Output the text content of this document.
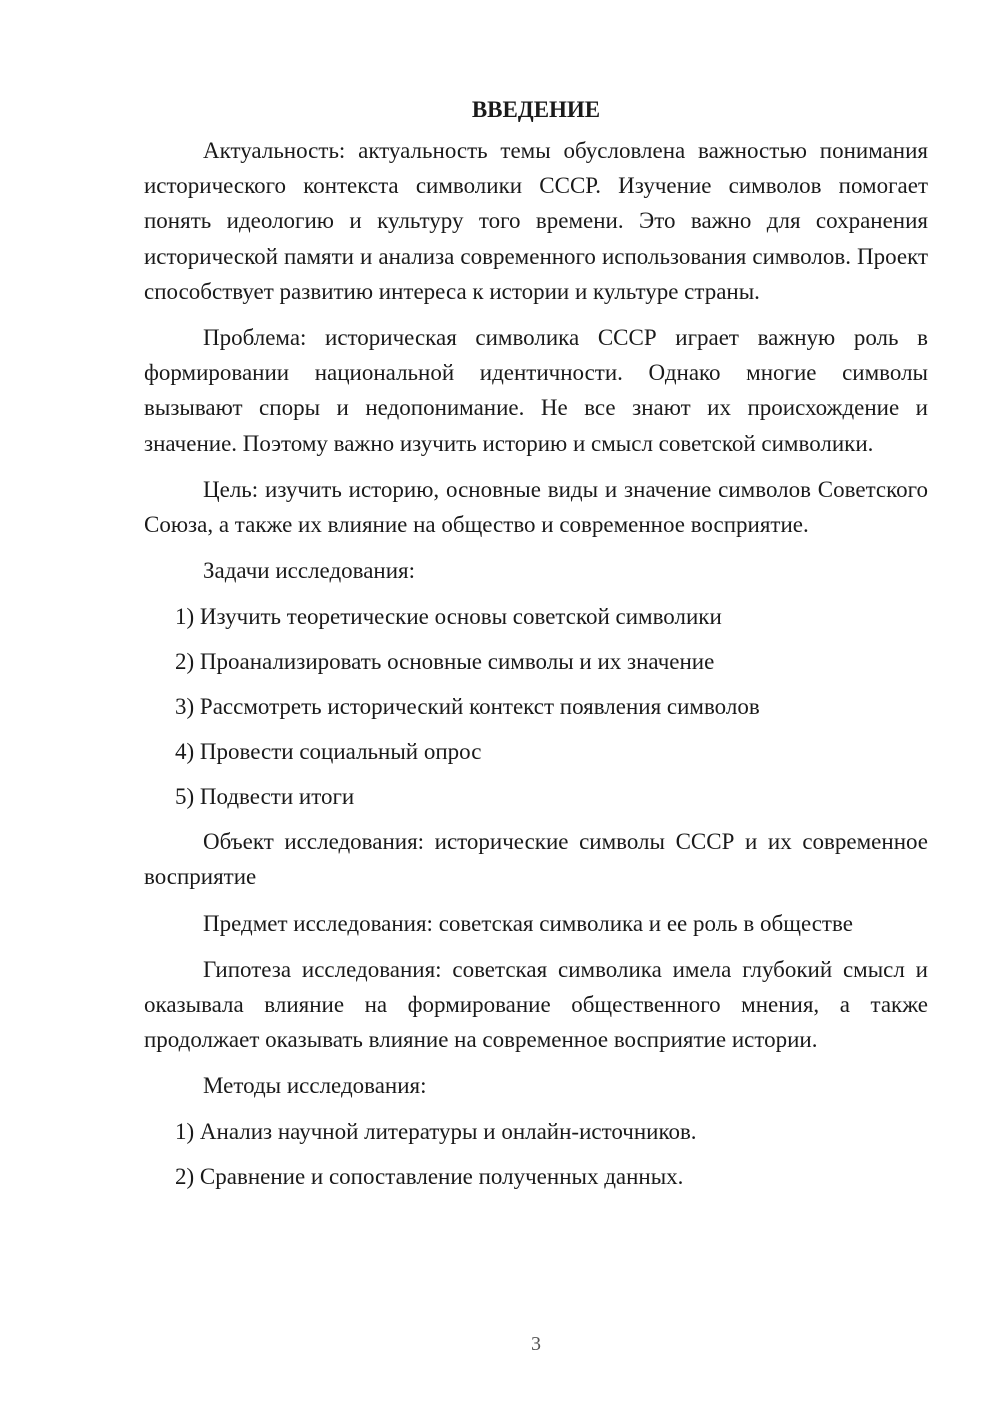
ВВЕДЕНИЕ

Актуальность: актуальность темы обусловлена важностью понимания исторического контекста символики СССР. Изучение символов помогает понять идеологию и культуру того времени. Это важно для сохранения исторической памяти и анализа современного использования символов. Проект способствует развитию интереса к истории и культуре страны.

Проблема: историческая символика СССР играет важную роль в формировании национальной идентичности. Однако многие символы вызывают споры и недопонимание. Не все знают их происхождение и значение. Поэтому важно изучить историю и смысл советской символики.

Цель: изучить историю, основные виды и значение символов Советского Союза, а также их влияние на общество и современное восприятие.

Задачи исследования:

1) Изучить теоретические основы советской символики
2) Проанализировать основные символы и их значение
3) Рассмотреть исторический контекст появления символов
4) Провести социальный опрос
5) Подвести итоги

Объект исследования: исторические символы СССР и их современное восприятие

Предмет исследования: советская символика и ее роль в обществе

Гипотеза исследования: советская символика имела глубокий смысл и оказывала влияние на формирование общественного мнения, а также продолжает оказывать влияние на современное восприятие истории.

Методы исследования:

1) Анализ научной литературы и онлайн-источников.
2) Сравнение и сопоставление полученных данных.
3
